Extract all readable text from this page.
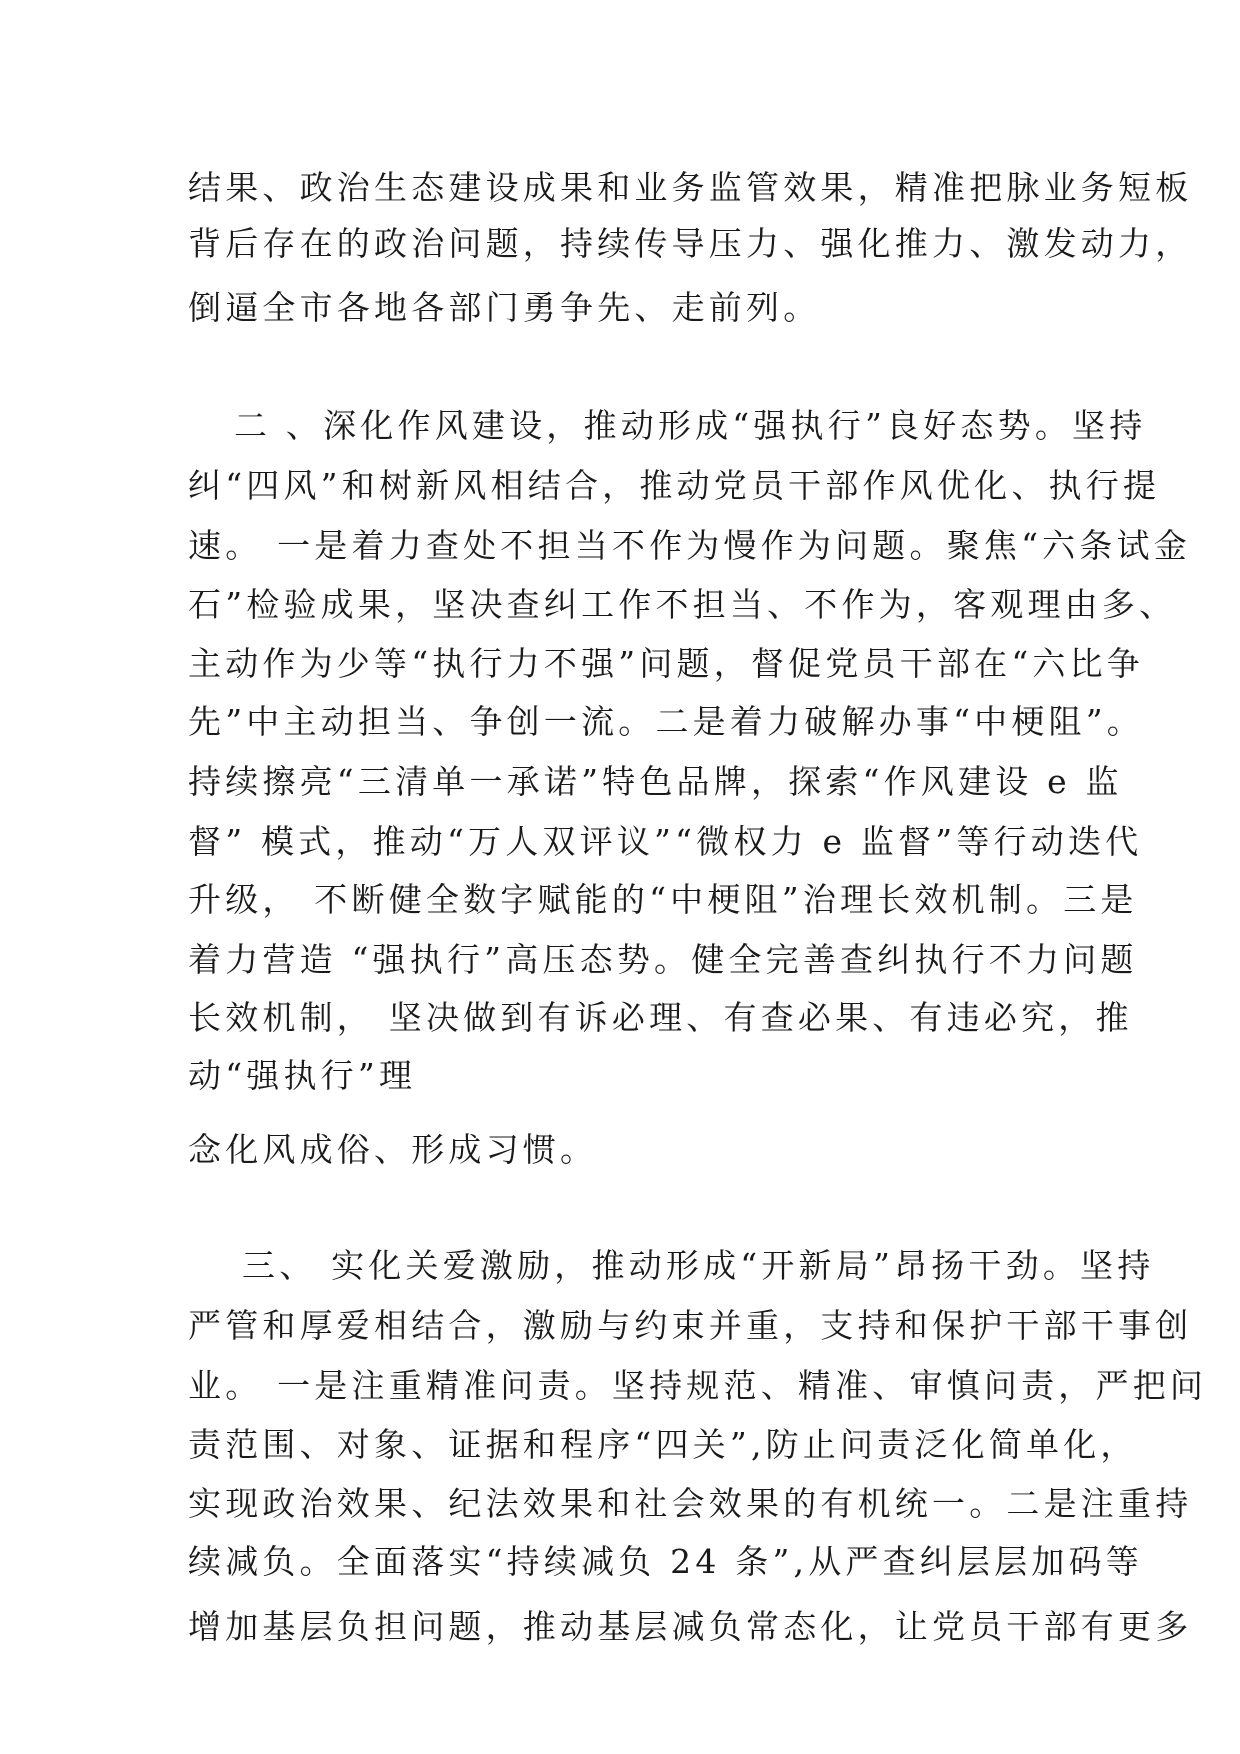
结果、政治生态建设成果和业务监管效果，精准把脉业务短板
背后存在的政治问题，持续传导压力、强化推力、激发动力，
倒逼全市各地各部门勇争先、走前列。
二 、深化作风建设，推动形成“强执行”良好态势。坚持
纠“四风”和树新风相结合，推动党员干部作风优化、执行提
速。 一是着力查处不担当不作为慢作为问题。聚焦“六条试金
石”检验成果，坚决查纠工作不担当、不作为，客观理由多、
主动作为少等“执行力不强”问题，督促党员干部在“六比争
先”中主动担当、争创一流。二是着力破解办事“中梗阻”。
持续擦亮“三清单一承诺”特色品牌，探索“作风建设 e 监
督” 模式，推动“万人双评议”“微权力 e 监督”等行动迭代
升级， 不断健全数字赋能的“中梗阻”治理长效机制。三是
着力营造 “强执行”高压态势。健全完善查纠执行不力问题
长效机制， 坚决做到有诉必理、有查必果、有违必究，推
动“强执行”理
念化风成俗、形成习惯。
三、 实化关爱激励，推动形成“开新局”昂扬干劲。坚持
严管和厚爱相结合，激励与约束并重，支持和保护干部干事创
业。 一是注重精准问责。坚持规范、精准、审慎问责，严把问
责范围、对象、证据和程序“四关”,防止问责泛化简单化，
实现政治效果、纪法效果和社会效果的有机统一。二是注重持
续减负。全面落实“持续减负 24 条”,从严查纠层层加码等
增加基层负担问题，推动基层减负常态化，让党员干部有更多
